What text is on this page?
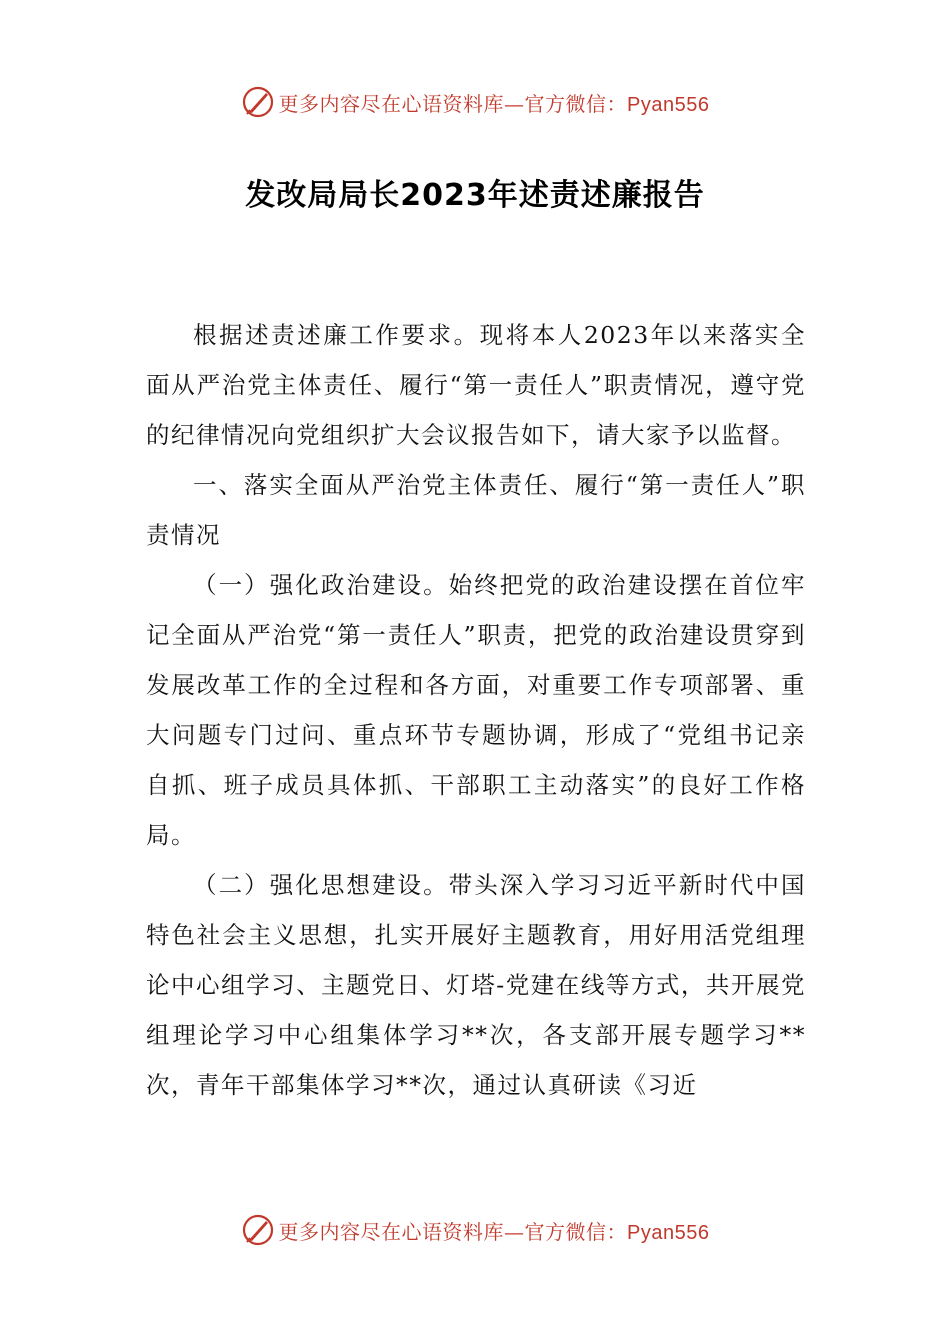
更多内容尽在心语资料库—官方微信：Pyan556
发改局局长2023年述责述廉报告

根据述责述廉工作要求。现将本人2023年以来落实全面从严治党主体责任、履行“第一责任人”职责情况，遵守党的纪律情况向党组织扩大会议报告如下，请大家予以监督。

一、落实全面从严治党主体责任、履行“第一责任人”职责情况

（一）强化政治建设。始终把党的政治建设摆在首位牢记全面从严治党“第一责任人”职责，把党的政治建设贯穿到发展改革工作的全过程和各方面，对重要工作专项部署、重大问题专门过问、重点环节专题协调，形成了“党组书记亲自抓、班子成员具体抓、干部职工主动落实”的良好工作格局。

（二）强化思想建设。带头深入学习习近平新时代中国特色社会主义思想，扎实开展好主题教育，用好用活党组理论中心组学习、主题党日、灯塔-党建在线等方式，共开展党组理论学习中心组集体学习**次，各支部开展专题学习**次，青年干部集体学习**次，通过认真研读《习近

更多内容尽在心语资料库—官方微信：Pyan556
